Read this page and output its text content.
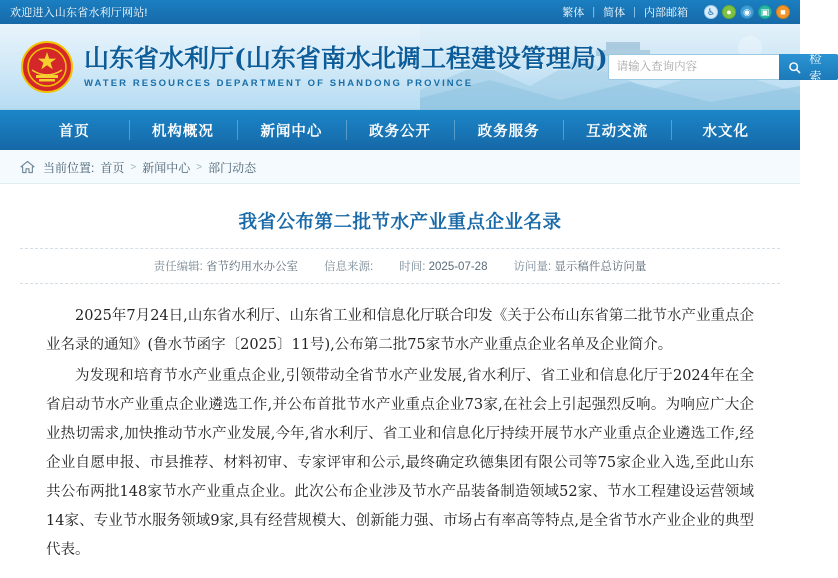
欢迎进入山东省水利厅网站!	繁体 | 简体 | 内部邮箱	♿	●	◉	▣	■
山东省水利厅(山东省南水北调工程建设管理局)
WATER RESOURCES DEPARTMENT OF SHANDONG PROVINCE
请输入查询内容
检索
首页	机构概况	新闻中心	政务公开	政务服务	互动交流	水文化
当前位置: 首页 > 新闻中心 > 部门动态
我省公布第二批节水产业重点企业名录
责任编辑: 省节约用水办公室 信息来源: 时间: 2025-07-28 访问量: 显示稿件总访问量

2025年7月24日,山东省水利厅、山东省工业和信息化厅联合印发《关于公布山东省第二批节水产业重点企业名录的通知》(鲁水节函字〔2025〕11号),公布第二批75家节水产业重点企业名单及企业简介。

为发现和培育节水产业重点企业,引领带动全省节水产业发展,省水利厅、省工业和信息化厅于2024年在全省启动节水产业重点企业遴选工作,并公布首批节水产业重点企业73家,在社会上引起强烈反响。为响应广大企业热切需求,加快推动节水产业发展,今年,省水利厅、省工业和信息化厅持续开展节水产业重点企业遴选工作,经企业自愿申报、市县推荐、材料初审、专家评审和公示,最终确定玖德集团有限公司等75家企业入选,至此山东共公布两批148家节水产业重点企业。此次公布企业涉及节水产品装备制造领域52家、节水工程建设运营领域14家、专业节水服务领域9家,具有经营规模大、创新能力强、市场占有率高等特点,是全省节水产业企业的典型代表。
